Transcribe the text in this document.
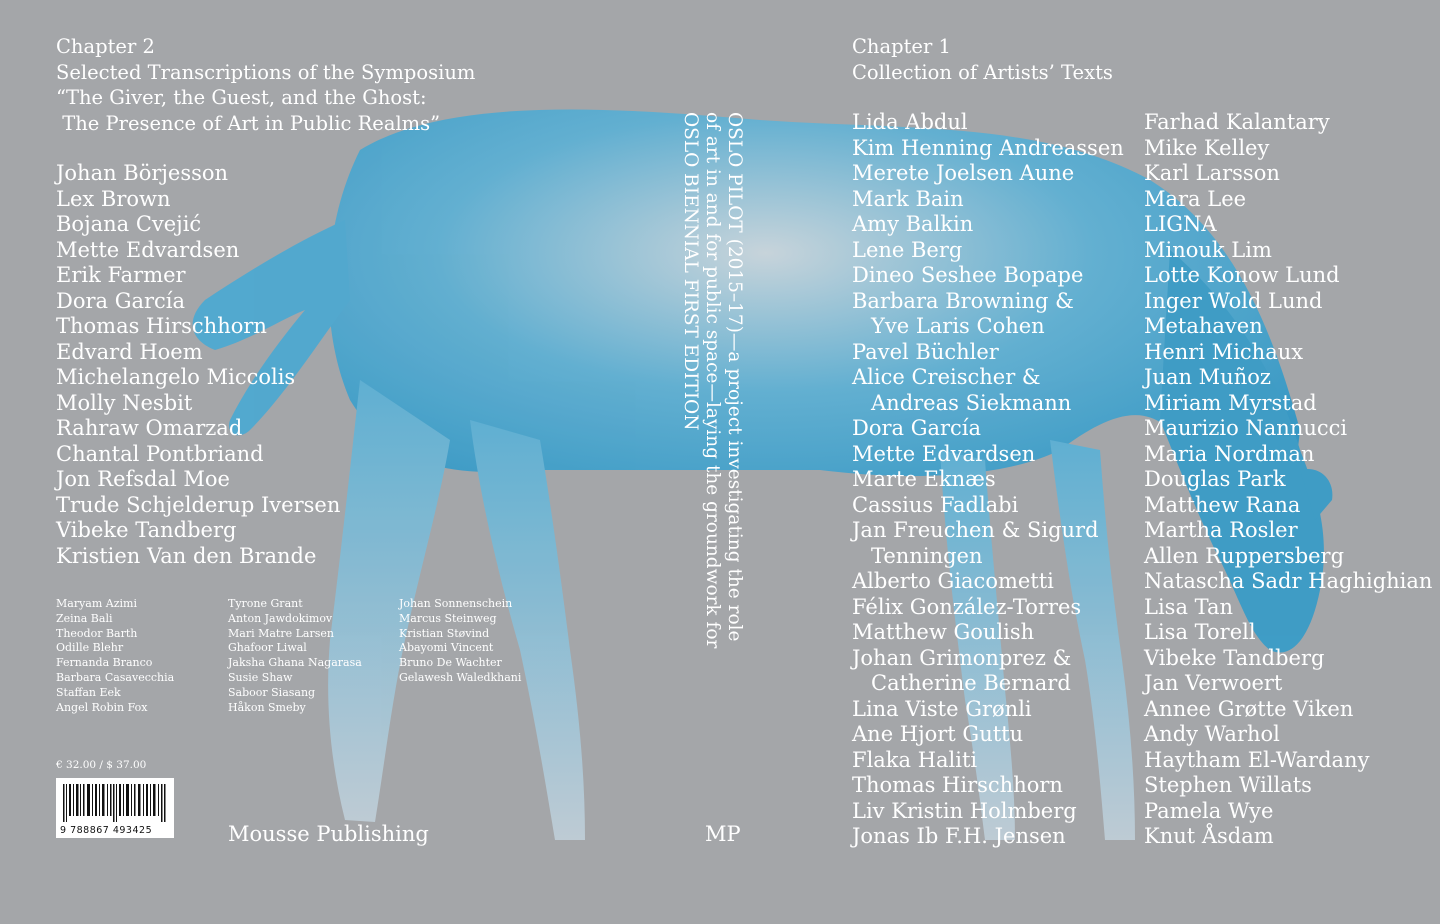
Chapter 2
Selected Transcriptions of the Symposium
“The Giver, the Guest, and the Ghost:
The Presence of Art in Public Realms”
Johan Börjesson
Lex Brown
Bojana Cvejić
Mette Edvardsen
Erik Farmer
Dora García
Thomas Hirschhorn
Edvard Hoem
Michelangelo Miccolis
Molly Nesbit
Rahraw Omarzad
Chantal Pontbriand
Jon Refsdal Moe
Trude Schjelderup Iversen
Vibeke Tandberg
Kristien Van den Brande
Maryam Azimi
Zeina Bali
Theodor Barth
Odille Blehr
Fernanda Branco
Barbara Casavecchia
Staffan Eek
Angel Robin Fox
Tyrone Grant
Anton Jawdokimov
Mari Matre Larsen
Ghafoor Liwal
Jaksha Ghana Nagarasa
Susie Shaw
Saboor Siasang
Håkon Smeby
Johan Sonnenschein
Marcus Steinweg
Kristian Støvind
Abayomi Vincent
Bruno De Wachter
Gelawesh Waledkhani
€ 32.00 / $ 37.00
9 788867 493425	Mousse Publishing
OSLO PILOT (2015–17)—a project investigating the role
of art in and for public space—laying the groundwork for
OSLO BIENNIAL FIRST EDITION
MP
Chapter 1
Collection of Artists’ Texts
Lida Abdul
Kim Henning Andreassen
Merete Joelsen Aune
Mark Bain
Amy Balkin
Lene Berg
Dineo Seshee Bopape
Barbara Browning &
Yve Laris Cohen
Pavel Büchler
Alice Creischer &
Andreas Siekmann
Dora García
Mette Edvardsen
Marte Eknæs
Cassius Fadlabi
Jan Freuchen & Sigurd
Tenningen
Alberto Giacometti
Félix González-Torres
Matthew Goulish
Johan Grimonprez &
Catherine Bernard
Lina Viste Grønli
Ane Hjort Guttu
Flaka Haliti
Thomas Hirschhorn
Liv Kristin Holmberg
Jonas Ib F.H. Jensen
Farhad Kalantary
Mike Kelley
Karl Larsson
Mara Lee
LIGNA
Minouk Lim
Lotte Konow Lund
Inger Wold Lund
Metahaven
Henri Michaux
Juan Muñoz
Miriam Myrstad
Maurizio Nannucci
Maria Nordman
Douglas Park
Matthew Rana
Martha Rosler
Allen Ruppersberg
Natascha Sadr Haghighian
Lisa Tan
Lisa Torell
Vibeke Tandberg
Jan Verwoert
Annee Grøtte Viken
Andy Warhol
Haytham El-Wardany
Stephen Willats
Pamela Wye
Knut Åsdam
